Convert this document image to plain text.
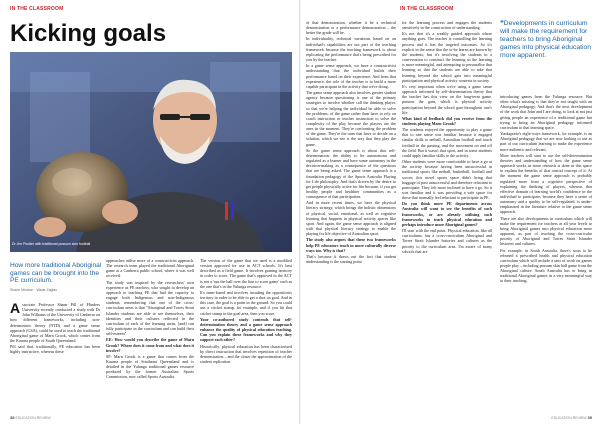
IN THE CLASSROOM
Kicking goals
Dr Jim Poulter with traditional possum skin football
How more traditional Aboriginal games can be brought into the PE curriculum.
Shane Minnion · Wade Zaglas
A ssociate Professor Shane Pill of Flinders University recently conducted a study with Dr John Williams of the University of Canberra on how different frameworks, including non-deterministic theory (NTD) and a game sense approach (GSA), could be used to teach the traditional Aboriginal game of Marn Grook, which comes from the Kaurna people of South Queensland.

Pill said that, traditionally, PE education has been highly instructive, whereas these

approaches utilise more of a constructivist approach. The research team played the traditional Aboriginal game at a Canberra public school, where it was well received.

The study was inspired by the researchers' own experience as PE teachers, who sought to develop an approach to teaching PE that had the capacity to engage both Indigenous and non-Indigenous students, remembering that one of the cross-curriculum areas is that "Aboriginal and Torres Strait Islander students are able to see themselves, their identities and their cultures reflected in the curriculum of each of the learning areas, [and] can fully participate in the curriculum and can build their self-esteem".

EE: How would you describe the game of Marn Grook? Where does it come from and what does it involve?

SP: Marn Grook is a game that comes from the Kaurna people of Southeast Queensland and is detailed in the Yulunga traditional games resource produced by the former Australian Sports Commission, now called Sports Australia.

The version of the game that we used is a modified version approved for use in ACT schools. It's best described as a field game. It involves gaining territory in order to score. The game that's approved in the ACT is not a 'run the ball over the line to score game' such as the one that's in the Yulunga resource.

It's team-based and involves invading the opposition's territory in order to be able to get a shot on goal. And in this case, the goal is a point in the ground. So you could use a cricket stump, for example, and if you hit that cricket stump in the goal area, then you score.

Your co-authored study contends that self-determination theory and a game sense approach enhance the quality of physical education teaching. Can you explain these frameworks and why they support each other?

Historically, physical education has been characterised by direct instruction that involves repetition of teacher demonstration – and the closer the approximation of the student replication

38 EDUCATION REVIEW
IN THE CLASSROOM

of that demonstration, whether it be a technical demonstration or a performance demonstration – the better the grade will be.

In individuality, technical variations based on an individual's capabilities are not part of the teaching framework because the teaching framework is about replicating the performance that's being prescribed for you by the teacher.

In a game sense approach, we have a constructivist understanding that the individual builds their performance based on their experience. And from that experience, the role of the teacher is to build a more capable participant in the activity that we're doing.

The game sense approach also involves greater student agency because questioning is one of the primary strategies to involve whether call the thinking player, so that we're helping the individual be able to solve the problems, of the game rather than have to rely on coach instruction or teacher instruction to solve the complexity of the play because the players are the ones in the moment. They're confronting the problem of the game. They're the ones that have to decide on a solution, which we see is the way that they play the game.

So the game sense approach is about that self-determination: the ability to be autonomous and regulated as a learner and have some autonomy in the decision-making as a consequence of the questions that are being asked. The game sense approach is a foundation pedagogy of the Sports Australia Playing for Life philosophy. And that's driven by the desire to get people physically active for life because, if you get healthy people and healthier communities as a consequence of that participation.

And in more recent times, we have the physical literacy strategy, which brings the holistic dimensions of physical, social, emotional, as well as cognitive learning that happens in physical activity spaces like sport. And again, the game sense approach is aligned with that physical literacy strategy to enable the playing for life objective of Australian sport.

The study also argues that these two frameworks help PE educators teach in more culturally diverse ways too. Why is that?

That's because it draws out the fact that student understanding is the starting point

for the learning process and engages the students sensitively in the construction of understanding.

It's not that it's a weakly guided approach where anything goes. The teacher is controlling the learning process and it has the targeted outcomes. So it's explicit in the sense that the to-be learns are known by the students, but it's involving the students in a conversation to construct the learning so the learning is more meaningful, and attempting to personalise that learning so that the students are able to take that learning beyond the school gate into meaningful participation and physical activity contexts in society.

It's very important when we're using a game sense approach informed by self-determination theory that the teacher has this view on the long-term game, passion the gain, which is physical activity participation beyond the school gate throughout one's life.

What kind of feedback did you receive from the students playing Marn Grook?

The students enjoyed the opportunity to play a game that to one sense was familiar because it engaged similar skills to netball, Australian football and touch football in the passing, and the movement on and off the field. But it wasn't that sport, and in some students could apply familiar skills to the activity.

Other students were more comfortable to have a go at the activity because having been unsuccessful in traditional sports like netball, basketball, football and soccer, this novel sports space didn't bring that baggage of past unsuccessful and therefore reluctant to participate. They felt more inclined to have a go. So it was familiar and it was providing a safe space for those that normally feel reluctant to participate in PE.

Do you think more PE departments across Australia will want to see the benefits of such frameworks, or are already utilising such frameworks to teach physical education and perhaps introduce more Aboriginal games?

I'll start with the end point. Physical education, like all curriculums, has a cross-curriculum Aboriginal and Torres Strait Islander histories and cultures as the priority to the curriculum area. I'm aware of many schools that are

❝Developments in curriculum will make the requirement for teachers to bring Aboriginal games into physical education more apparent.

introducing games from the Yulunga resource. But often what's missing is that they're not taught with an Aboriginal pedagogy. And that's the next development of the work that John and I are doing, to look at not just giving people an experience of a traditional game but trying to bring an Aboriginal pedagogy informed curriculum to that learning space.

Yunkaporta's eight-ways framework, for example, is an Aboriginal pedagogy that we are now looking to use as part of our curriculum learning to make the experience more authentic and relevant.

More teachers will start to use the self-determination theories and understanding of how the game sense approach works as more research is done in this space to explain the benefits of that central concept of it. At the moment the game sense approach is probably regulated more from a cognitive perspective of explaining the thinking of players, whereas that effective domain of learning world's confidence in the individual to participate, because they have a sense of autonomy and a quality to be self-regulated, is under-emphasised in the literature relative to the game sense approach.

There are also developments in curriculum which will make the requirement for teachers at all year levels to bring Aboriginal games into physical education more apparent, as part of teaching the cross-curricular priority of Aboriginal and Torres Strait Islander histories and cultures.

For example, in South Australia, there's soon to be released a prescribed health and physical education curriculum which will include a unit of work on games people play – including possum skin ball game from the Aboriginal culture. South Australia has to bring in traditional Aboriginal games in a very meaningful way to their teaching.

EDUCATION REVIEW 39
